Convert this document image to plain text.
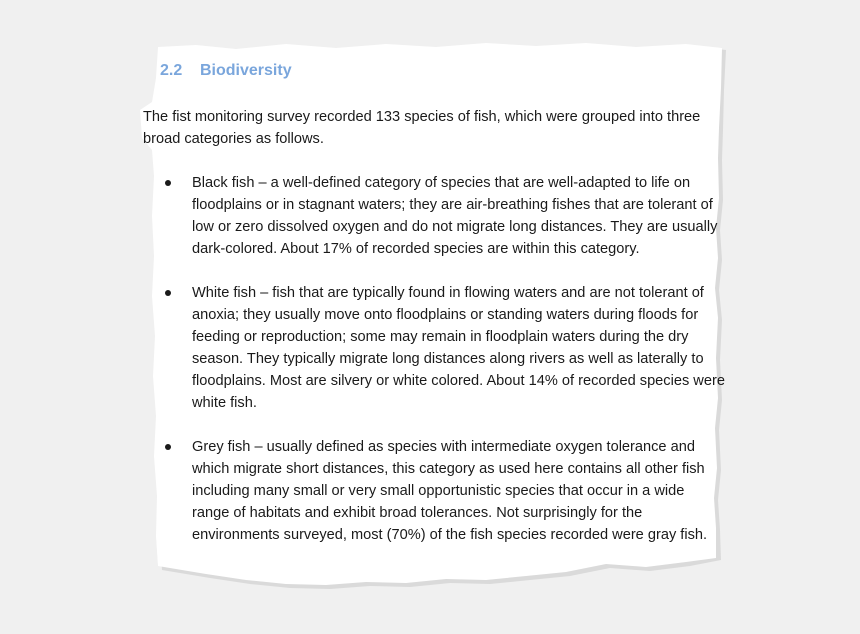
2.2 Biodiversity
The fist monitoring survey recorded 133 species of fish, which were grouped into three broad categories as follows.
Black fish – a well-defined category of species that are well-adapted to life on floodplains or in stagnant waters; they are air-breathing fishes that are tolerant of low or zero dissolved oxygen and do not migrate long distances. They are usually dark-colored. About 17% of recorded species are within this category.
White fish – fish that are typically found in flowing waters and are not tolerant of anoxia; they usually move onto floodplains or standing waters during floods for feeding or reproduction; some may remain in floodplain waters during the dry season. They typically migrate long distances along rivers as well as laterally to floodplains. Most are silvery or white colored. About 14% of recorded species were white fish.
Grey fish – usually defined as species with intermediate oxygen tolerance and which migrate short distances, this category as used here contains all other fish including many small or very small opportunistic species that occur in a wide range of habitats and exhibit broad tolerances. Not surprisingly for the environments surveyed, most (70%) of the fish species recorded were gray fish.
